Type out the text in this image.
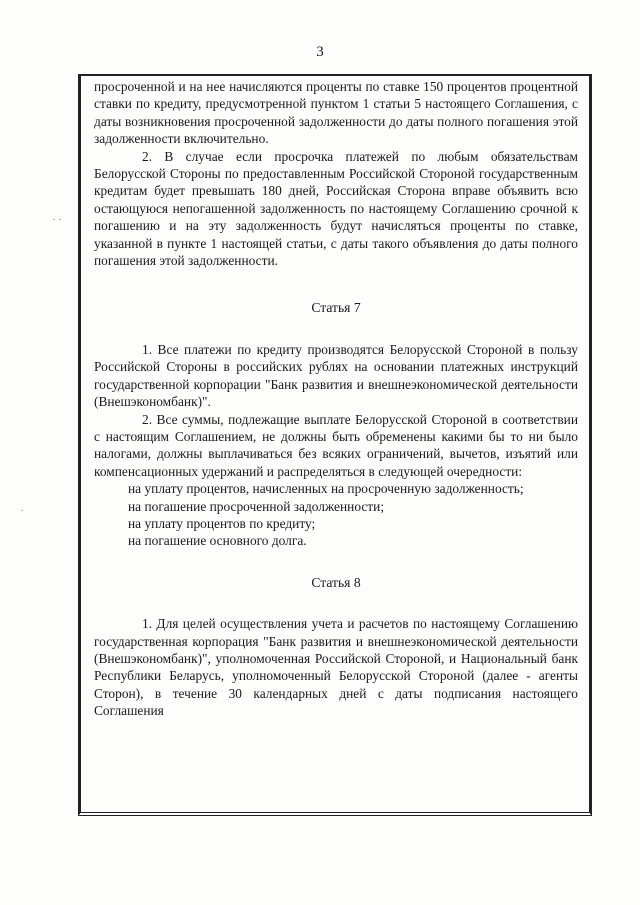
3
· ·
·

просроченной и на нее начисляются проценты по ставке 150 процентов процентной ставки по кредиту, предусмотренной пунктом 1 статьи 5 настоящего Соглашения, с даты возникновения просроченной задолженности до даты полного погашения этой задолженности включительно.

2. В случае если просрочка платежей по любым обязательствам Белорусской Стороны по предоставленным Российской Стороной государственным кредитам будет превышать 180 дней, Российская Сторона вправе объявить всю остающуюся непогашенной задолженность по настоящему Соглашению срочной к погашению и на эту задолженность будут начисляться проценты по ставке, указанной в пункте 1 настоящей статьи, с даты такого объявления до даты полного погашения этой задолженности.

Статья 7

1. Все платежи по кредиту производятся Белорусской Стороной в пользу Российской Стороны в российских рублях на основании платежных инструкций государственной корпорации "Банк развития и внешнеэкономической деятельности (Внешэкономбанк)".

2. Все суммы, подлежащие выплате Белорусской Стороной в соответствии с настоящим Соглашением, не должны быть обременены какими бы то ни было налогами, должны выплачиваться без всяких ограничений, вычетов, изъятий или компенсационных удержаний и распределяться в следующей очередности:

на уплату процентов, начисленных на просроченную задолженность;

на погашение просроченной задолженности;

на уплату процентов по кредиту;

на погашение основного долга.

Статья 8

1. Для целей осуществления учета и расчетов по настоящему Соглашению государственная корпорация "Банк развития и внешнеэкономической деятельности (Внешэкономбанк)", уполномоченная Российской Стороной, и Национальный банк Республики Беларусь, уполномоченный Белорусской Стороной (далее - агенты Сторон), в течение 30 календарных дней с даты подписания настоящего Соглашения
